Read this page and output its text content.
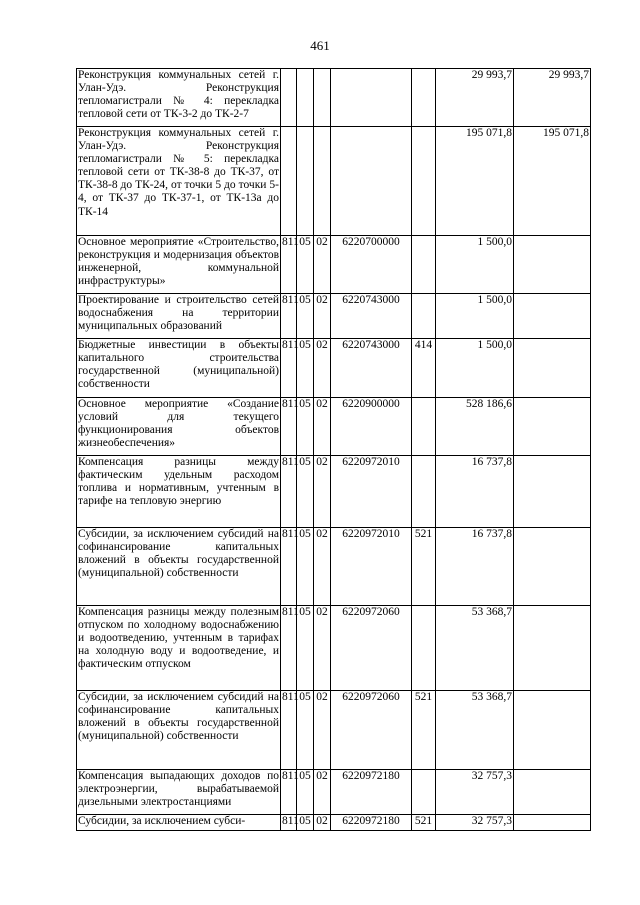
461
Реконструкция коммунальных сетей г. Улан-Удэ. Реконструкция тепломагистрали № 4: перекладка тепловой сети от ТК-3-2 до ТК-2-7						29 993,7	29 993,7
Реконструкция коммунальных сетей г. Улан-Удэ. Реконструкция тепломагистрали № 5: перекладка тепловой сети от ТК-38-8 до ТК-37, от ТК-38-8 до ТК-24, от точки 5 до точки 5-4, от ТК-37 до ТК-37-1, от ТК-13а до ТК-14						195 071,8	195 071,8
Основное мероприятие «Строительство, реконструкция и модернизация объектов инженерной, коммунальной инфраструктуры»	811	05	02	6220700000		1 500,0	
Проектирование и строительство сетей водоснабжения на территории муниципальных образований	811	05	02	6220743000		1 500,0	
Бюджетные инвестиции в объекты капитального строительства государственной (муниципальной) собственности	811	05	02	6220743000	414	1 500,0	
Основное мероприятие «Создание условий для текущего функционирования объектов жизнеобеспечения»	811	05	02	6220900000		528 186,6	
Компенсация разницы между фактическим удельным расходом топлива и нормативным, учтенным в тарифе на тепловую энергию	811	05	02	6220972010		16 737,8	
Субсидии, за исключением субсидий на софинансирование капитальных вложений в объекты государственной (муниципальной) собственности	811	05	02	6220972010	521	16 737,8	
Компенсация разницы между полезным отпуском по холодному водоснабжению и водоотведению, учтенным в тарифах на холодную воду и водоотведение, и фактическим отпуском	811	05	02	6220972060		53 368,7	
Субсидии, за исключением субсидий на софинансирование капитальных вложений в объекты государственной (муниципальной) собственности	811	05	02	6220972060	521	53 368,7	
Компенсация выпадающих доходов по электроэнергии, вырабатываемой дизельными электростанциями	811	05	02	6220972180		32 757,3	
Субсидии, за исключением субси-	811	05	02	6220972180	521	32 757,3	
